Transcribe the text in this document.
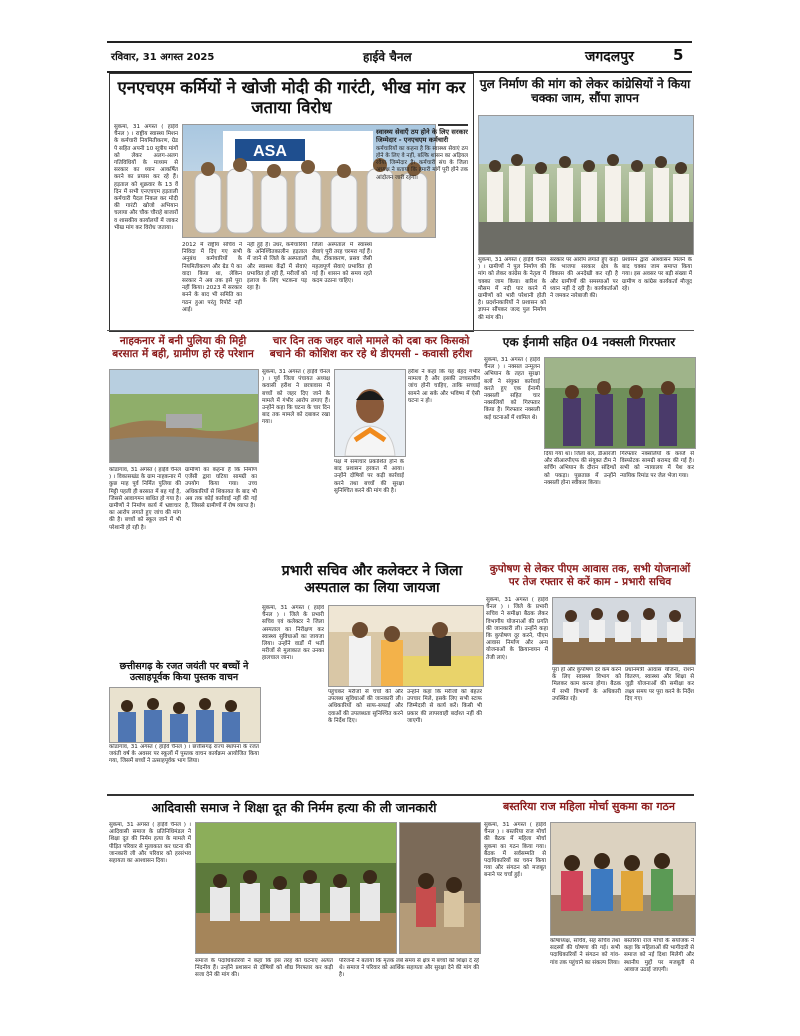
रविवार, 31 अगस्त 2025	हाईवे चैनल	जगदलपुर	5
एनएचएम कर्मियों ने खोजी मोदी की गारंटी, भीख मांग कर जताया विरोध
सुकमा, 31 अगस्त ( हाईवे चैनल ) । राष्ट्रीय स्वास्थ्य मिशन के कर्मचारी नियमितीकरण, ग्रेड पे सहित अपनी 10 सूत्रीय मांगों को लेकर अलग-अलग गतिविधियों के माध्यम से सरकार का ध्यान आकर्षित करने का प्रयास कर रहे हैं। हड़ताल को शुक्रवार के 13 वें दिन में सभी एनएचएम हड़ताली कर्मचारी पैदल निकल कर मोदी की गारंटी खोजो अभियान चलाया और चौक चौराहे बाजारों व शासकीय कार्यालयों में जाकर भीख मांग कर विरोध जताया।
ASA
2012 में राष्ट्रीय सचिव ने निविदा में दिए गए सभी अनुबंध कर्मचारियों के नियमितीकरण और ग्रेड पे का वादा किया था, लेकिन सरकार ने अब तक इसे पूरा नहीं किया। 2023 में सरकार बनने के बाद भी समिति का गठन हुआ परंतु रिपोर्ट नहीं आई।
नहीं हुई है। उधर, कर्मचारियों के अनिश्चितकालीन हड़ताल में जाने से जिले के अस्पतालों और स्वास्थ्य केंद्रों में सेवाएं प्रभावित हो रही हैं, मरीजों को इलाज के लिए भटकना पड़ रहा है।
जिला अस्पताल में स्वास्थ्य सेवाएं पूरी तरह चरमरा गई हैं। लैब, टीकाकरण, प्रसव जैसी महत्वपूर्ण सेवाएं प्रभावित हो गई हैं। शासन को समय रहते कदम उठाना चाहिए।

स्वास्थ्य सेवाएँ ठप होने के लिए सरकार जिम्मेदार - एनएचएम कर्मचारी

कर्मचारियों का कहना है कि स्वास्थ्य सेवाएं ठप होने के लिए वे नहीं, बल्कि शासन का अड़ियल रवैया जिम्मेदार है। कर्मचारी संघ के जिला अध्यक्ष ने बताया कि हमारी मांगें पूरी होने तक आंदोलन जारी रहेगा।

पुल निर्माण की मांग को लेकर कांग्रेसियों ने किया चक्का जाम, सौंपा ज्ञापन
सुकमा, 31 अगस्त ( हाईवे चैनल ) । ग्रामीणों ने पुल निर्माण की मांग को लेकर कांग्रेस के नेतृत्व में चक्का जाम किया। बारिश के मौसम में नदी पार करने में ग्रामीणों को भारी परेशानी होती है। प्रदर्शनकारियों ने प्रशासन को ज्ञापन सौंपकर जल्द पुल निर्माण की मांग की।
सरकार पर आरोप लगाते हुए कहा कि भाजपा सरकार क्षेत्र के विकास की अनदेखी कर रही है और ग्रामीणों की समस्याओं पर ध्यान नहीं दे रही है। कार्यकर्ताओं ने जमकर नारेबाजी की।
प्रशासन द्वारा आश्वासन मिलने के बाद चक्का जाम समाप्त किया गया। इस अवसर पर बड़ी संख्या में ग्रामीण व कांग्रेस कार्यकर्ता मौजूद रहे।
नाहकनार में बनी पुलिया की मिट्टी बरसात में बही, ग्रामीण हो रहे परेशान
कोंडागांव, 31 अगस्त ( हाईवे चैनल ) । विकासखंड के ग्राम नाहकनार में कुछ माह पूर्व निर्मित पुलिया की मिट्टी पहली ही बरसात में बह गई है, जिससे आवागमन बाधित हो गया है। ग्रामीणों ने निर्माण कार्य में भ्रष्टाचार का आरोप लगाते हुए जांच की मांग की है। बच्चों को स्कूल जाने में भी परेशानी हो रही है।
ग्रामीणों का कहना है कि निर्माण एजेंसी द्वारा घटिया सामग्री का उपयोग किया गया। उच्च अधिकारियों से शिकायत के बाद भी अब तक कोई कार्रवाई नहीं की गई है, जिससे ग्रामीणों में रोष व्याप्त है।
चार दिन तक जहर वाले मामले को दबा कर किसको बचाने की कोशिश कर रहे थे डीएमसी - कवासी हरीश
सुकमा, 31 अगस्त ( हाईवे चैनल ) । पूर्व जिला पंचायत अध्यक्ष कवासी हरीश ने छात्रावास में बच्चों को जहर दिए जाने के मामले में गंभीर आरोप लगाए हैं। उन्होंने कहा कि घटना के चार दिन बाद तक मामले को दबाकर रखा गया।
पक्ष में समाचार प्रकाशित होने के बाद प्रशासन हरकत में आया। उन्होंने दोषियों पर कड़ी कार्रवाई करने तथा बच्चों की सुरक्षा सुनिश्चित करने की मांग की है।
हरीश ने कहा कि यह बेहद गंभीर मामला है और इसकी उच्चस्तरीय जांच होनी चाहिए, ताकि सच्चाई सामने आ सके और भविष्य में ऐसी घटना न हो।
एक ईनामी सहित 04 नक्सली गिरफ्तार
सुकमा, 31 अगस्त ( हाईवे चैनल ) । नक्सल उन्मूलन अभियान के तहत सुरक्षा बलों ने संयुक्त कार्रवाई करते हुए एक ईनामी नक्सली सहित चार नक्सलियों को गिरफ्तार किया है। गिरफ्तार नक्सली कई घटनाओं में शामिल थे।
दिया गया था। जिला बल, डीआरजी और सीआरपीएफ की संयुक्त टीम ने सर्चिंग अभियान के दौरान संदिग्धों को पकड़ा। पूछताछ में उन्होंने नक्सली होना स्वीकार किया।
गिरफ्तार नक्सलियों के कब्जे से विस्फोटक सामग्री बरामद की गई है। सभी को न्यायालय में पेश कर न्यायिक रिमांड पर जेल भेजा गया।
प्रभारी सचिव और कलेक्टर ने जिला अस्पताल का लिया जायजा
सुकमा, 31 अगस्त ( हाईवे चैनल ) । जिले के प्रभारी सचिव एवं कलेक्टर ने जिला अस्पताल का निरीक्षण कर स्वास्थ्य सुविधाओं का जायजा लिया। उन्होंने वार्डों में भर्ती मरीजों से मुलाकात कर उनका हालचाल जाना।
पहुंचकर मरीजों से चर्चा की और उपलब्ध सुविधाओं की जानकारी ली। अधिकारियों को साफ-सफाई और दवाओं की उपलब्धता सुनिश्चित करने के निर्देश दिए।
उन्होंने कहा कि मरीजों को बेहतर उपचार मिले, इसके लिए सभी स्टाफ जिम्मेदारी से कार्य करें। किसी भी प्रकार की लापरवाही बर्दाश्त नहीं की जाएगी।
छत्तीसगढ़ के रजत जयंती पर बच्चों ने उत्साहपूर्वक किया पुस्तक वाचन
कोंडागांव, 31 अगस्त ( हाईवे चैनल ) । छत्तीसगढ़ राज्य स्थापना के रजत जयंती वर्ष के अवसर पर स्कूलों में पुस्तक वाचन कार्यक्रम आयोजित किया गया, जिसमें बच्चों ने उत्साहपूर्वक भाग लिया।
कुपोषण से लेकर पीएम आवास तक, सभी योजनाओं पर तेज रफ्तार से करें काम - प्रभारी सचिव
सुकमा, 31 अगस्त ( हाईवे चैनल ) । जिले के प्रभारी सचिव ने समीक्षा बैठक लेकर विभागीय योजनाओं की प्रगति की जानकारी ली। उन्होंने कहा कि कुपोषण दूर करने, पीएम आवास निर्माण और अन्य योजनाओं के क्रियान्वयन में तेजी लाएं।
पूरा हो और कुपोषण दर कम करने के लिए स्वास्थ्य विभाग को मिलकर काम करना होगा। बैठक में सभी विभागों के अधिकारी उपस्थित रहे।
प्रधानमंत्री आवास योजना, राशन वितरण, स्वास्थ्य और शिक्षा से जुड़ी योजनाओं की समीक्षा कर लक्ष्य समय पर पूरा करने के निर्देश दिए गए।
आदिवासी समाज ने शिक्षा दूत की निर्मम हत्या की ली जानकारी
सुकमा, 31 अगस्त ( हाईवे चैनल ) । आदिवासी समाज के प्रतिनिधिमंडल ने शिक्षा दूत की निर्मम हत्या के मामले में पीड़ित परिवार से मुलाकात कर घटना की जानकारी ली और परिवार को हरसंभव सहायता का आश्वासन दिया।
समाज के पदाधिकारियों ने कहा कि इस तरह की घटनाएं अत्यंत निंदनीय हैं। उन्होंने प्रशासन से दोषियों को शीघ्र गिरफ्तार कर कड़ी सजा देने की मांग की।
परिजनों ने बताया कि मृतक लंबे समय से क्षेत्र में बच्चों को शिक्षा दे रहे थे। समाज ने परिवार को आर्थिक सहायता और सुरक्षा देने की मांग की है।
बस्तरिया राज महिला मोर्चा सुकमा का गठन
सुकमा, 31 अगस्त ( हाईवे चैनल ) । बस्तरिया राज मोर्चा की बैठक में महिला मोर्चा सुकमा का गठन किया गया। बैठक में सर्वसम्मति से पदाधिकारियों का चयन किया गया और संगठन को मजबूत बनाने पर चर्चा हुई।
कोषाध्यक्ष, सचिव, सह सचिव तथा सदस्यों की घोषणा की गई। सभी पदाधिकारियों ने संगठन को गांव-गांव तक पहुंचाने का संकल्प लिया।
बस्तरिया राज मोर्चा के संयोजक ने कहा कि महिलाओं की भागीदारी से समाज को नई दिशा मिलेगी और स्थानीय मुद्दों पर मजबूती से आवाज उठाई जाएगी।
